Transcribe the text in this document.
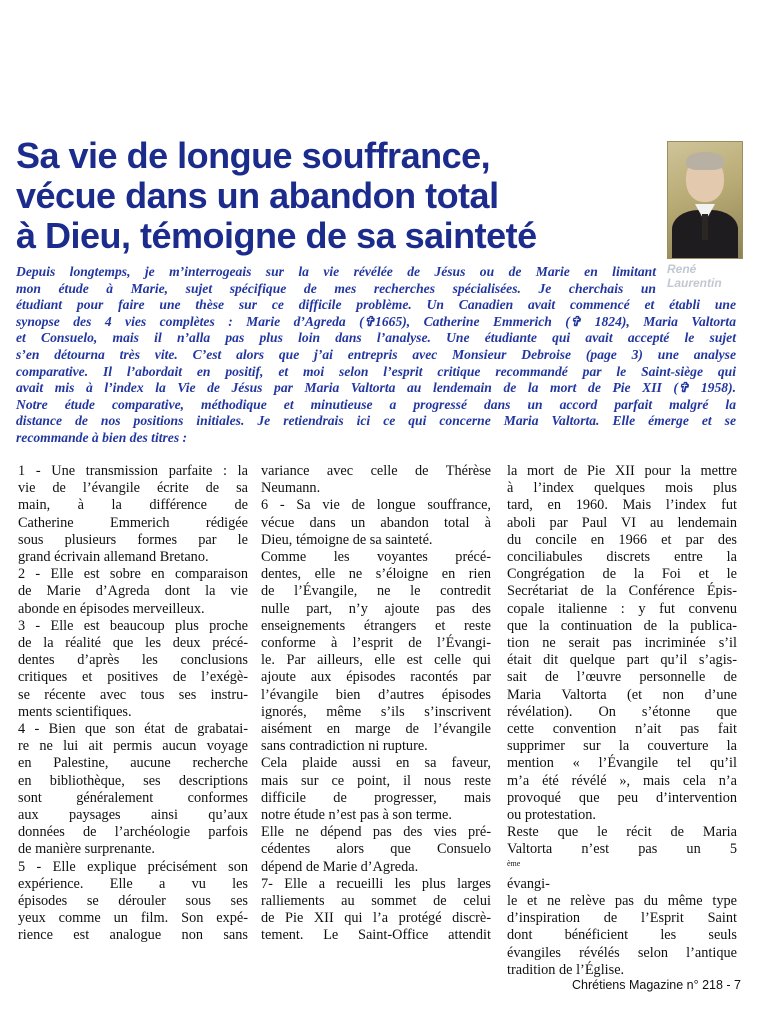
Sa vie de longue souffrance,
vécue dans un abandon total
à Dieu, témoigne de sa sainteté
René
Laurentin

Depuis longtemps, je m’interrogeais sur la vie révélée de Jésus ou de Marie en limitant
mon étude à Marie, sujet spécifique de mes recherches spécialisées. Je cherchais un
étudiant pour faire une thèse sur ce difficile problème. Un Canadien avait commencé et établi une
synopse des 4 vies complètes : Marie d’Agreda (✞1665), Catherine Emmerich (✞ 1824), Maria Valtorta
et Consuelo, mais il n’alla pas plus loin dans l’analyse. Une étudiante qui avait accepté le sujet
s’en détourna très vite. C’est alors que j’ai entrepris avec Monsieur Debroise (page 3) une analyse
comparative. Il l’abordait en positif, et moi selon l’esprit critique recommandé par le Saint-siège qui
avait mis à l’index la Vie de Jésus par Maria Valtorta au lendemain de la mort de Pie XII (✞ 1958).
Notre étude comparative, méthodique et minutieuse a progressé dans un accord parfait malgré la
distance de nos positions initiales. Je retiendrais ici ce qui concerne Maria Valtorta. Elle émerge et se
recommande à bien des titres :

1 - Une transmission parfaite : la
vie de l’évangile écrite de sa
main, à la différence de
Catherine Emmerich rédigée
sous plusieurs formes par le
grand écrivain allemand Bretano.
2 - Elle est sobre en comparaison
de Marie d’Agreda dont la vie
abonde en épisodes merveilleux.
3 - Elle est beaucoup plus proche
de la réalité que les deux précé-
dentes d’après les conclusions
critiques et positives de l’exégè-
se récente avec tous ses instru-
ments scientifiques.
4 - Bien que son état de grabatai-
re ne lui ait permis aucun voyage
en Palestine, aucune recherche
en bibliothèque, ses descriptions
sont généralement conformes
aux paysages ainsi qu’aux
données de l’archéologie parfois
de manière surprenante.
5 - Elle explique précisément son
expérience. Elle a vu les
épisodes se dérouler sous ses
yeux comme un film. Son expé-
rience est analogue non sans
variance avec celle de Thérèse
Neumann.
6 - Sa vie de longue souffrance,
vécue dans un abandon total à
Dieu, témoigne de sa sainteté.
Comme les voyantes précé-
dentes, elle ne s’éloigne en rien
de l’Évangile, ne le contredit
nulle part, n’y ajoute pas des
enseignements étrangers et reste
conforme à l’esprit de l’Évangi-
le. Par ailleurs, elle est celle qui
ajoute aux épisodes racontés par
l’évangile bien d’autres épisodes
ignorés, même s’ils s’inscrivent
aisément en marge de l’évangile
sans contradiction ni rupture.
Cela plaide aussi en sa faveur,
mais sur ce point, il nous reste
difficile de progresser, mais
notre étude n’est pas à son terme.
Elle ne dépend pas des vies pré-
cédentes alors que Consuelo
dépend de Marie d’Agreda.
7- Elle a recueilli les plus larges
ralliements au sommet de celui
de Pie XII qui l’a protégé discrè-
tement. Le Saint-Office attendit
la mort de Pie XII pour la mettre
à l’index quelques mois plus
tard, en 1960. Mais l’index fut
aboli par Paul VI au lendemain
du concile en 1966 et par des
conciliabules discrets entre la
Congrégation de la Foi et le
Secrétariat de la Conférence Épis-
copale italienne : y fut convenu
que la continuation de la publica-
tion ne serait pas incriminée s’il
était dit quelque part qu’il s’agis-
sait de l’œuvre personnelle de
Maria Valtorta (et non d’une
révélation). On s’étonne que
cette convention n’ait pas fait
supprimer sur la couverture la
mention « l’Évangile tel qu’il
m’a été révélé », mais cela n’a
provoqué que peu d’intervention
ou protestation.
Reste que le récit de Maria
Valtorta n’est pas un 5
$^{ème}$
évangi-
le et ne relève pas du même type
d’inspiration de l’Esprit Saint
dont bénéficient les seuls
évangiles révélés selon l’antique
tradition de l’Église.

Chrétiens Magazine n° 218 - 7
